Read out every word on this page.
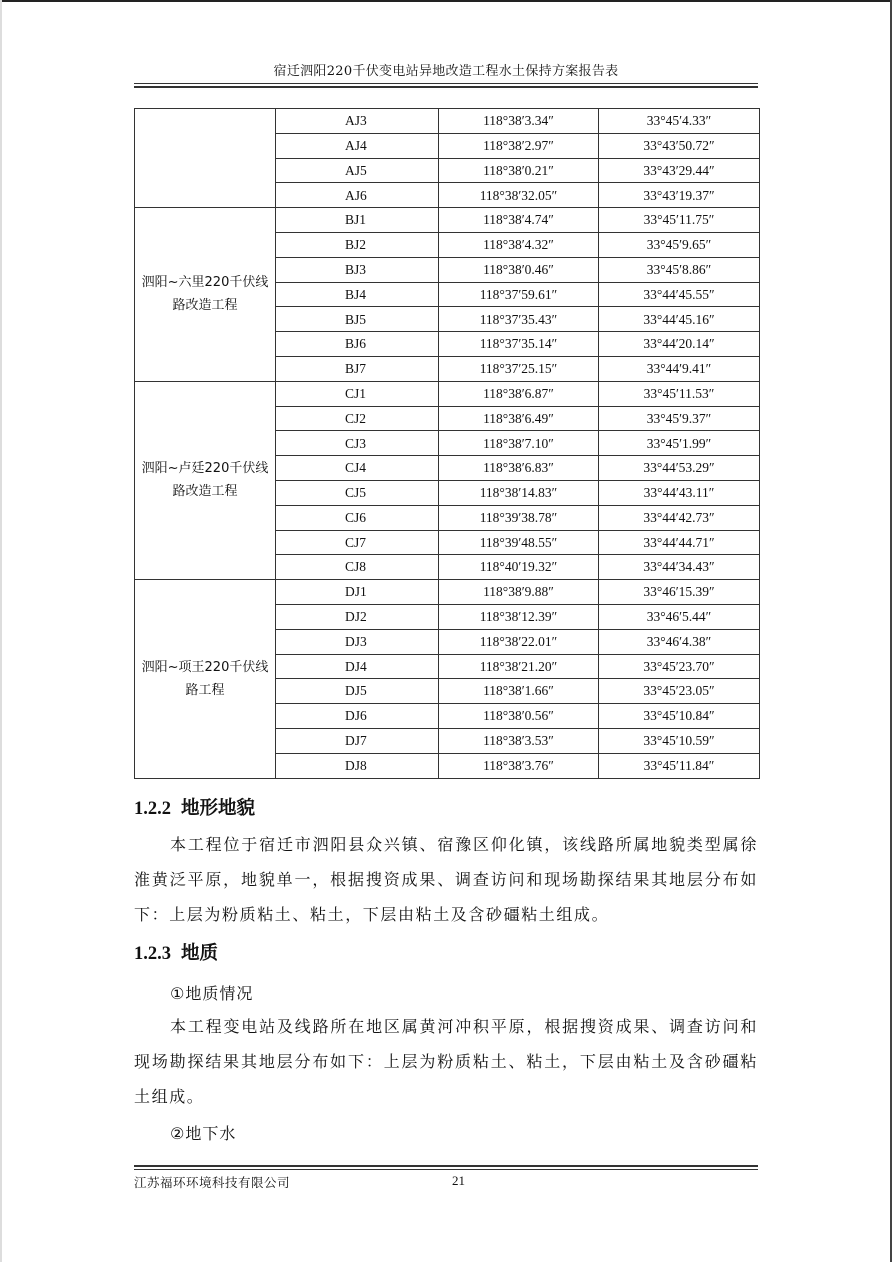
宿迁泗阳220千伏变电站异地改造工程水土保持方案报告表
	AJ3	118°38′3.34″	33°45′4.33″
	AJ4	118°38′2.97″	33°43′50.72″
	AJ5	118°38′0.21″	33°43′29.44″
	AJ6	118°38′32.05″	33°43′19.37″
泗阳~六里220千伏线路改造工程	BJ1	118°38′4.74″	33°45′11.75″
	BJ2	118°38′4.32″	33°45′9.65″
	BJ3	118°38′0.46″	33°45′8.86″
	BJ4	118°37′59.61″	33°44′45.55″
	BJ5	118°37′35.43″	33°44′45.16″
	BJ6	118°37′35.14″	33°44′20.14″
	BJ7	118°37′25.15″	33°44′9.41″
泗阳~卢廷220千伏线路改造工程	CJ1	118°38′6.87″	33°45′11.53″
	CJ2	118°38′6.49″	33°45′9.37″
	CJ3	118°38′7.10″	33°45′1.99″
	CJ4	118°38′6.83″	33°44′53.29″
	CJ5	118°38′14.83″	33°44′43.11″
	CJ6	118°39′38.78″	33°44′42.73″
	CJ7	118°39′48.55″	33°44′44.71″
	CJ8	118°40′19.32″	33°44′34.43″
泗阳~项王220千伏线路工程	DJ1	118°38′9.88″	33°46′15.39″
	DJ2	118°38′12.39″	33°46′5.44″
	DJ3	118°38′22.01″	33°46′4.38″
	DJ4	118°38′21.20″	33°45′23.70″
	DJ5	118°38′1.66″	33°45′23.05″
	DJ6	118°38′0.56″	33°45′10.84″
	DJ7	118°38′3.53″	33°45′10.59″
	DJ8	118°38′3.76″	33°45′11.84″
1.2.2 地形地貌

本工程位于宿迁市泗阳县众兴镇、宿豫区仰化镇，该线路所属地貌类型属徐淮黄泛平原，地貌单一，根据搜资成果、调查访问和现场勘探结果其地层分布如下：上层为粉质粘土、粘土，下层由粘土及含砂礓粘土组成。

1.2.3 地质
①地质情况

本工程变电站及线路所在地区属黄河冲积平原，根据搜资成果、调查访问和现场勘探结果其地层分布如下：上层为粉质粘土、粘土，下层由粘土及含砂礓粘土组成。

②地下水
江苏福环环境科技有限公司	21
